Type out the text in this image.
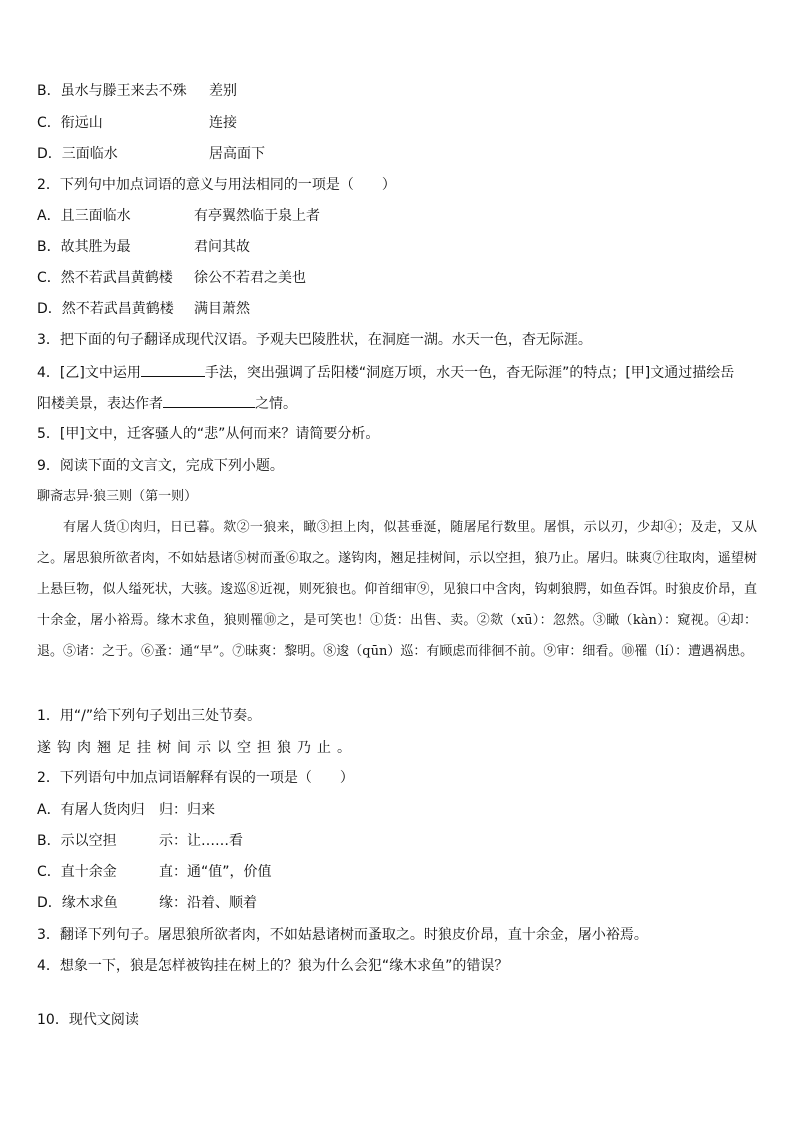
B．虽水与滕王来去不殊 差别
C．衔远山	连接
D．三面临水	居高面下
2．下列句中加点词语的意义与用法相同的一项是（　　）
A．且三面临水	有亭翼然临于泉上者
B．故其胜为最	君问其故
C．然不若武昌黄鹤楼 徐公不若君之美也
D．然不若武昌黄鹤楼 满目萧然
3．把下面的句子翻译成现代汉语。予观夫巴陵胜状，在洞庭一湖。水天一色，杳无际涯。
4．[乙]文中运用	手法，突出强调了岳阳楼“洞庭万顷，水天一色，杳无际涯”的特点；[甲]文通过描绘岳
阳楼美景，表达作者	之情。
5．[甲]文中，迁客骚人的“悲”从何而来？请简要分析。
9．阅读下面的文言文，完成下列小题。
聊斋志异·狼三则（第一则）

有屠人货①肉归，日已暮。欻②一狼来，瞰③担上肉，似甚垂涎，随屠尾行数里。屠惧，示以刃，少却④；及走，又从之。屠思狼所欲者肉，不如姑悬诸⑤树而蚤⑥取之。遂钩肉，翘足挂树间，示以空担，狼乃止。屠归。昧爽⑦往取肉，遥望树上悬巨物，似人缢死状，大骇。逡巡⑧近视，则死狼也。仰首细审⑨，见狼口中含肉，钩刺狼腭，如鱼吞饵。时狼皮价昂，直十余金，屠小裕焉。缘木求鱼，狼则罹⑩之，是可笑也！①货：出售、卖。②欻（xū）：忽然。③瞰（kàn）：窥视。④却：退。⑤诸：之于。⑥蚤：通“早”。⑦昧爽：黎明。⑧逡（qūn）巡：有顾虑而徘徊不前。⑨审：细看。⑩罹（lí）：遭遇祸患。

1．用“/”给下列句子划出三处节奏。
遂钩肉翘足挂树间示以空担狼乃止。
2．下列语句中加点词语解释有误的一项是（　　）
A．有屠人货肉归 归：归来
B．示以空担	示：让……看
C．直十余金	直：通“值”，价值
D．缘木求鱼	缘：沿着、顺着
3．翻译下列句子。屠思狼所欲者肉，不如姑悬诸树而蚤取之。时狼皮价昂，直十余金，屠小裕焉。
4．想象一下，狼是怎样被钩挂在树上的？狼为什么会犯“缘木求鱼”的错误？
10．现代文阅读
